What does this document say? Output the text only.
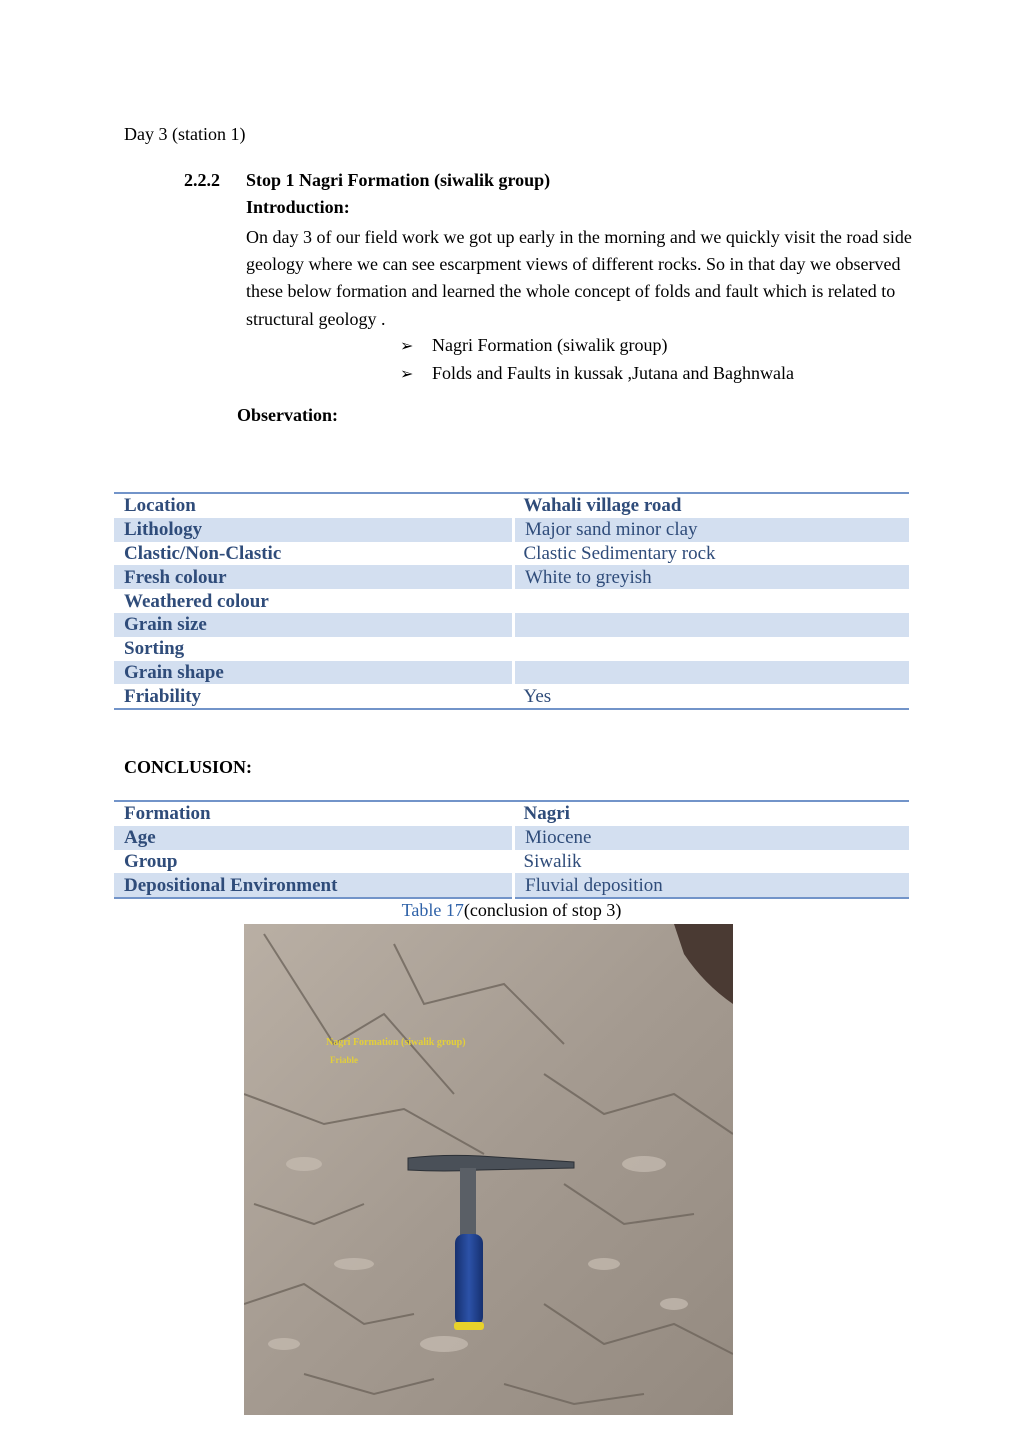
Day 3 (station 1)
2.2.2 Stop 1 Nagri Formation (siwalik group)
Introduction:
On day 3 of our field work we got up early in the morning and we quickly visit the road side geology where we can see escarpment views of different rocks. So in that day we observed these below formation and learned the whole concept of folds and fault which is related to structural geology .
➢ Nagri Formation (siwalik group)
➢ Folds and Faults in kussak ,Jutana and Baghnwala
Observation:
Location	Wahali village road
Lithology	Major sand minor clay
Clastic/Non-Clastic	Clastic Sedimentary rock
Fresh colour	White to greyish
Weathered colour	
Grain size	
Sorting	
Grain shape	
Friability	Yes
CONCLUSION:
Formation	Nagri
Age	Miocene
Group	Siwalik
Depositional Environment	Fluvial deposition
Table 17(conclusion of stop 3)
Nagri Formation (siwalik group)
Friable
